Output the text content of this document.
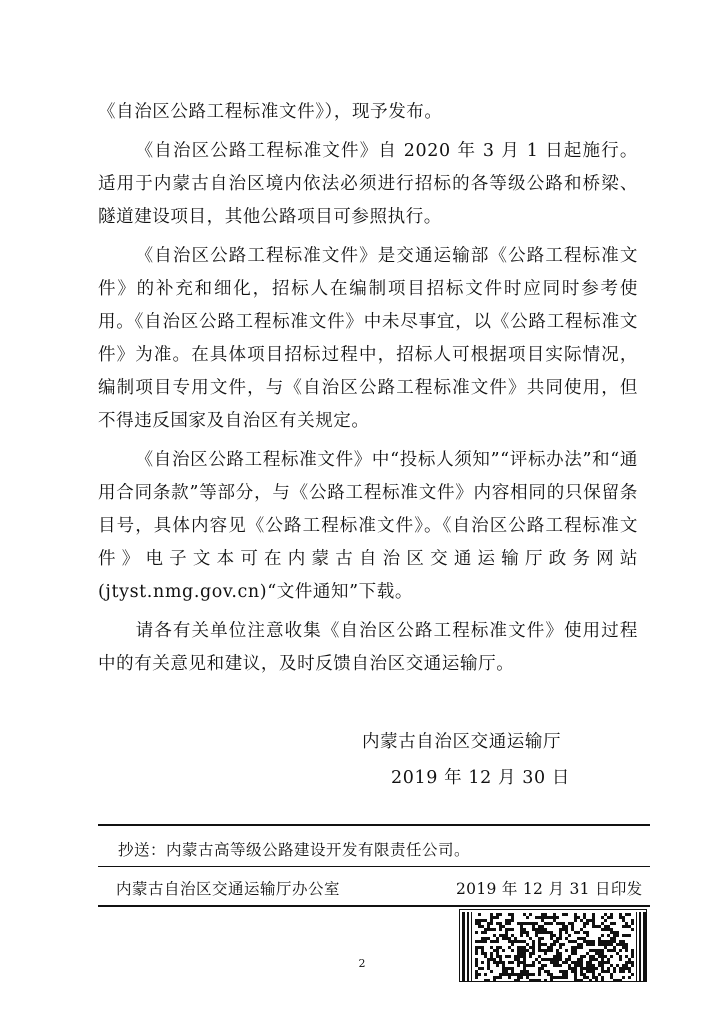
《自治区公路工程标准文件》），现予发布。

《自治区公路工程标准文件》自 2020 年 3 月 1 日起施行。适用于内蒙古自治区境内依法必须进行招标的各等级公路和桥梁、隧道建设项目，其他公路项目可参照执行。

《自治区公路工程标准文件》是交通运输部《公路工程标准文件》的补充和细化，招标人在编制项目招标文件时应同时参考使用。《自治区公路工程标准文件》中未尽事宜，以《公路工程标准文件》为准。在具体项目招标过程中，招标人可根据项目实际情况，编制项目专用文件，与《自治区公路工程标准文件》共同使用，但不得违反国家及自治区有关规定。

《自治区公路工程标准文件》中“投标人须知”“评标办法”和“通用合同条款”等部分，与《公路工程标准文件》内容相同的只保留条目号，具体内容见《公路工程标准文件》。《自治区公路工程标准文件》电子文本可在内蒙古自治区交通运输厅政务网站(jtyst.nmg.gov.cn)“文件通知”下载。

请各有关单位注意收集《自治区公路工程标准文件》使用过程中的有关意见和建议，及时反馈自治区交通运输厅。

内蒙古自治区交通运输厅
2019 年 12 月 30 日
抄送：内蒙古高等级公路建设开发有限责任公司。
内蒙古自治区交通运输厅办公室	2019 年 12 月 31 日印发
2
